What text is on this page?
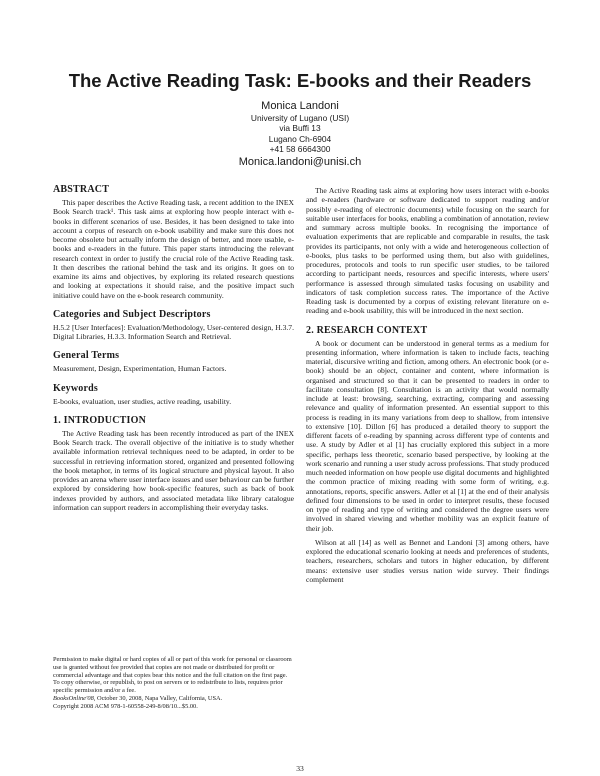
The Active Reading Task: E-books and their Readers
Monica Landoni
University of Lugano (USI)
via Buffi 13
Lugano Ch-6904
+41 58 6664300
Monica.landoni@unisi.ch
ABSTRACT

This paper describes the Active Reading task, a recent addition to the INEX Book Search track¹. This task aims at exploring how people interact with e-books in different scenarios of use. Besides, it has been designed to take into account a corpus of research on e-book usability and make sure this does not become obsolete but actually inform the design of better, and more usable, e-books and e-readers in the future. This paper starts introducing the relevant research context in order to justify the crucial role of the Active Reading task. It then describes the rational behind the task and its origins. It goes on to examine its aims and objectives, by exploring its related research questions and looking at expectations it should raise, and the positive impact such initiative could have on the e-book research community.

Categories and Subject Descriptors

H.5.2 [User Interfaces]: Evaluation/Methodology, User-centered design, H.3.7. Digital Libraries, H.3.3. Information Search and Retrieval.

General Terms

Measurement, Design, Experimentation, Human Factors.

Keywords

E-books, evaluation, user studies, active reading, usability.

1. INTRODUCTION

The Active Reading task has been recently introduced as part of the INEX Book Search track. The overall objective of the initiative is to study whether available information retrieval techniques need to be adapted, in order to be successful in retrieving information stored, organized and presented following the book metaphor, in terms of its logical structure and physical layout. It also provides an arena where user interface issues and user behaviour can be further explored by considering how book-specific features, such as back of book indexes provided by authors, and associated metadata like library catalogue information can support readers in accomplishing their everyday tasks.

Permission to make digital or hard copies of all or part of this work for personal or classroom use is granted without fee provided that copies are not made or distributed for profit or commercial advantage and that copies bear this notice and the full citation on the first page. To copy otherwise, or republish, to post on servers or to redistribute to lists, requires prior specific permission and/or a fee.
BooksOnline'08, October 30, 2008, Napa Valley, California, USA.
Copyright 2008 ACM 978-1-60558-249-8/08/10...$5.00.

The Active Reading task aims at exploring how users interact with e-books and e-readers (hardware or software dedicated to support reading and/or possibly e-reading of electronic documents) while focusing on the search for suitable user interfaces for books, enabling a combination of annotation, review and summary across multiple books. In recognising the importance of evaluation experiments that are replicable and comparable in results, the task provides its participants, not only with a wide and heterogeneous collection of e-books, plus tasks to be performed using them, but also with guidelines, procedures, protocols and tools to run specific user studies, to be tailored according to participant needs, resources and specific interests, where users' performance is assessed through simulated tasks focusing on usability and indicators of task completion success rates. The importance of the Active Reading task is documented by a corpus of existing relevant literature on e-reading and e-book usability, this will be introduced in the next section.

2. RESEARCH CONTEXT

A book or document can be understood in general terms as a medium for presenting information, where information is taken to include facts, teaching material, discursive writing and fiction, among others. An electronic book (or e-book) should be an object, container and content, where information is organised and structured so that it can be presented to readers in order to facilitate consultation [8]. Consultation is an activity that would normally include at least: browsing, searching, extracting, comparing and assessing relevance and quality of information presented. An essential support to this process is reading in its many variations from deep to shallow, from intensive to extensive [10]. Dillon [6] has produced a detailed theory to support the different facets of e-reading by spanning across different type of contents and use. A study by Adler et al [1] has crucially explored this subject in a more specific, perhaps less theoretic, scenario based perspective, by looking at the work scenario and running a user study across professions. That study produced much needed information on how people use digital documents and highlighted the common practice of mixing reading with some form of writing, e.g. annotations, reports, specific answers. Adler et al [1] at the end of their analysis defined four dimensions to be used in order to interpret results, these focused on type of reading and type of writing and considered the degree users were involved in shared viewing and whether mobility was an explicit feature of their job.

Wilson at all [14] as well as Bennet and Landoni [3] among others, have explored the educational scenario looking at needs and preferences of students, teachers, researchers, scholars and tutors in higher education, by different means: extensive user studies versus nation wide survey. Their findings complement

33
